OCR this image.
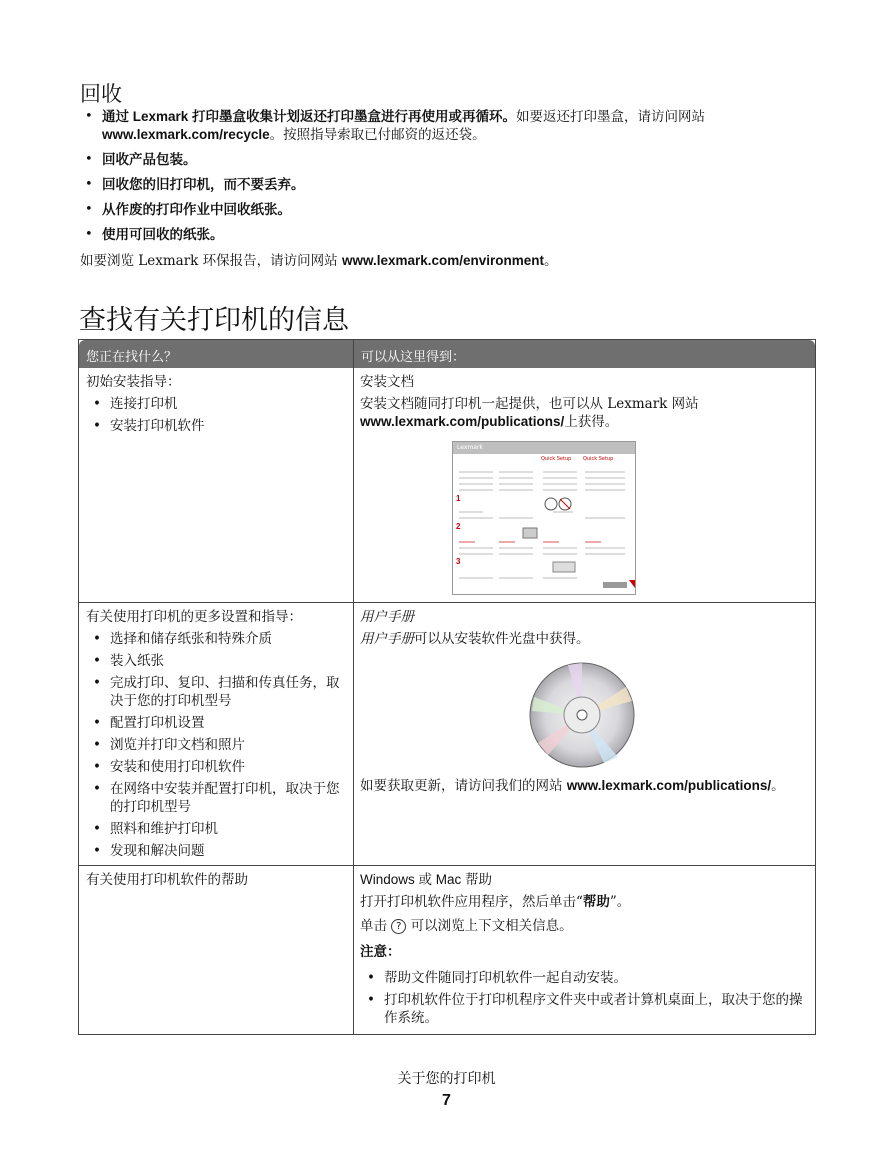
回收
• 通过 Lexmark 打印墨盒收集计划返还打印墨盒进行再使用或再循环。如要返还打印墨盒，请访问网站
www.lexmark.com/recycle。按照指导索取已付邮资的返还袋。
• 回收产品包装。
• 回收您的旧打印机，而不要丢弃。
• 从作废的打印作业中回收纸张。
• 使用可回收的纸张。
如要浏览 Lexmark 环保报告，请访问网站 www.lexmark.com/environment。
查找有关打印机的信息
您正在找什么？	可以从这里得到：
初始安装指导：
• 连接打印机
• 安装打印机软件
安装文档
安装文档随同打印机一起提供，也可以从 Lexmark 网站
www.lexmark.com/publications/上获得。
有关使用打印机的更多设置和指导：
• 选择和储存纸张和特殊介质
• 装入纸张
• 完成打印、复印、扫描和传真任务，取决于您的打印机型号
• 配置打印机设置
• 浏览并打印文档和照片
• 安装和使用打印机软件
• 在网络中安装并配置打印机，取决于您的打印机型号
• 照料和维护打印机
• 发现和解决问题
用户手册
用户手册可以从安装软件光盘中获得。
如要获取更新，请访问我们的网站 www.lexmark.com/publications/。
有关使用打印机软件的帮助	Windows 或 Mac 帮助
打开打印机软件应用程序，然后单击“帮助”。
单击 ? 可以浏览上下文相关信息。
注意：
• 帮助文件随同打印机软件一起自动安装。
• 打印机软件位于打印机程序文件夹中或者计算机桌面上，取决于您的操作系统。
Lexmark
Quick Setup Quick Setup
1
2
3
关于您的打印机
7
